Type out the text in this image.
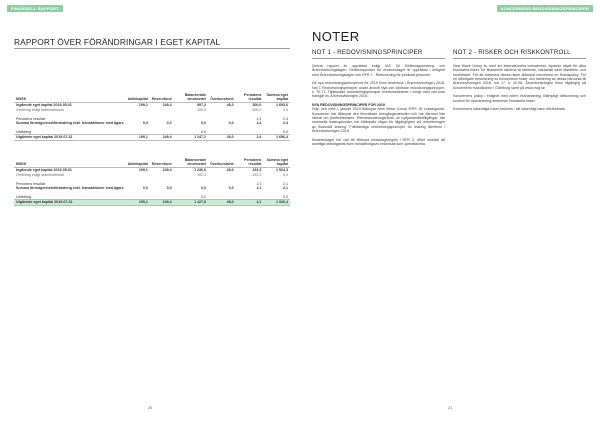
FINANSIELL RAPPORT
RAPPORT ÖVER FÖRÄNDRINGAR I EGET KAPITAL
MSEK	Aktiekapital	Reservfond	Balanserade vinstmedel	Överkursfond	Periodens resultat	Summa eget kapital
Ingående eget kapital 2019-05-01	199,1	249,4	997,2	48,0	200,0	1 693,6
Omföring enligt stämmobeslut			200,0		-200,0	0,0

Periodens resultat					2,4	2,4
Summa förmögenhetsförändring exkl. transaktioner med ägare	0,0	0,0	0,0	0,0	2,4	2,4

Utdelning			0,0			0,0
Utgående eget kapital 2019-07-31	199,1	249,4	1 247,2	48,0	2,4	1 696,4
MSEK	Aktiekapital	Reservfond	Balanserade vinstmedel	Överkursfond	Periodens resultat	Summa eget kapital
Ingående eget kapital 2019-05-01	199,1	249,4	1 236,6	48,0	192,3	1 924,3
Omföring enligt stämmobeslut			192,3		-192,3	0,0

Periodens resultat					2,1	2,1
Summa förmögenhetsförändring exkl. transaktioner med ägare	0,0	0,0	0,0	0,0	2,1	2,1

Utdelning			0,0			0,0
Utgående eget kapital 2019-07-31	199,1	249,4	1 427,8	48,0	2,1	1 926,4
20
KONCERNENS REDOVISNINGSPRINCIPER
NOTER
NOT 1 - REDOVISNINGSPRINCIPER

Denna rapport är upprättad enligt IAS 34 Delårsrapportering och Årsredovisningslagen. Delårsrapporten för moderbolaget är upprättad i enlighet med Årsredovisningslagen och RFR 2 - Redovisning för juridiska personer.

De nya redovisningsprinciperna för 2019 finns beskrivna i Årsredovisningen 2018, Not 1 Redovisningsprinciper under avsnitt Nya och ändrade redovisningsprinciper, s. 70-71. Tillämpade redovisningsprinciper överensstämmer i övrigt med vad som framgår av Årsredovisningen 2018.

NYA REDOVISNINGSPRINCIPER FÖR 2019

Från och med 1 januari 2019 tillämpar New Wave Group IFRS 16 Leasingavtal. Koncernen har tillämpat den förenklade övergångsmetoden och har därmed inte räknat om jämförelsetalen. Efterdiskonteringsränta, av nyttjanderättstillgångar, där nominella leasingskulder, har tillämpats vägen för tillgänglighet vid redovisningen av finansiell leasing. Fullständiga redovisningsprinciper för leasing återfinns i Årsredovisningen 2018.

Moderbolaget har valt att tillämpa undantagsregeln i RFR 2, vilket innebär att samtliga leasingavtal även fortsättningsvis redovisas som operationella.

NOT 2 - RISKER OCH RISKKONTROLL

New Wave Group är, med sin internationella verksamhet, löpande utsatt för olika finansiella risker. De finansiella riskerna är ränterisk, valutarisk samt likviditets- och kreditrisker. För att minimera dessa risker tillämpar koncernen en finanspolicy. För en utförligare beskrivning av koncernens risker och hantering av dessa hänvisas till Årsredovisningen 2018, not 17, s. 92-98. Årsredovisningen finns tillgänglig på koncernens huvudkontor i Göteborg samt på www.nwg.se.

Koncernens policy i enlighet med intern riskhantering, tillämpligt rättsordning och kontroll för riskhantering avseende finansiella risker.

Koncernens väsentliga risker bedöms i allt väsentligt vara oförändrade.

21
